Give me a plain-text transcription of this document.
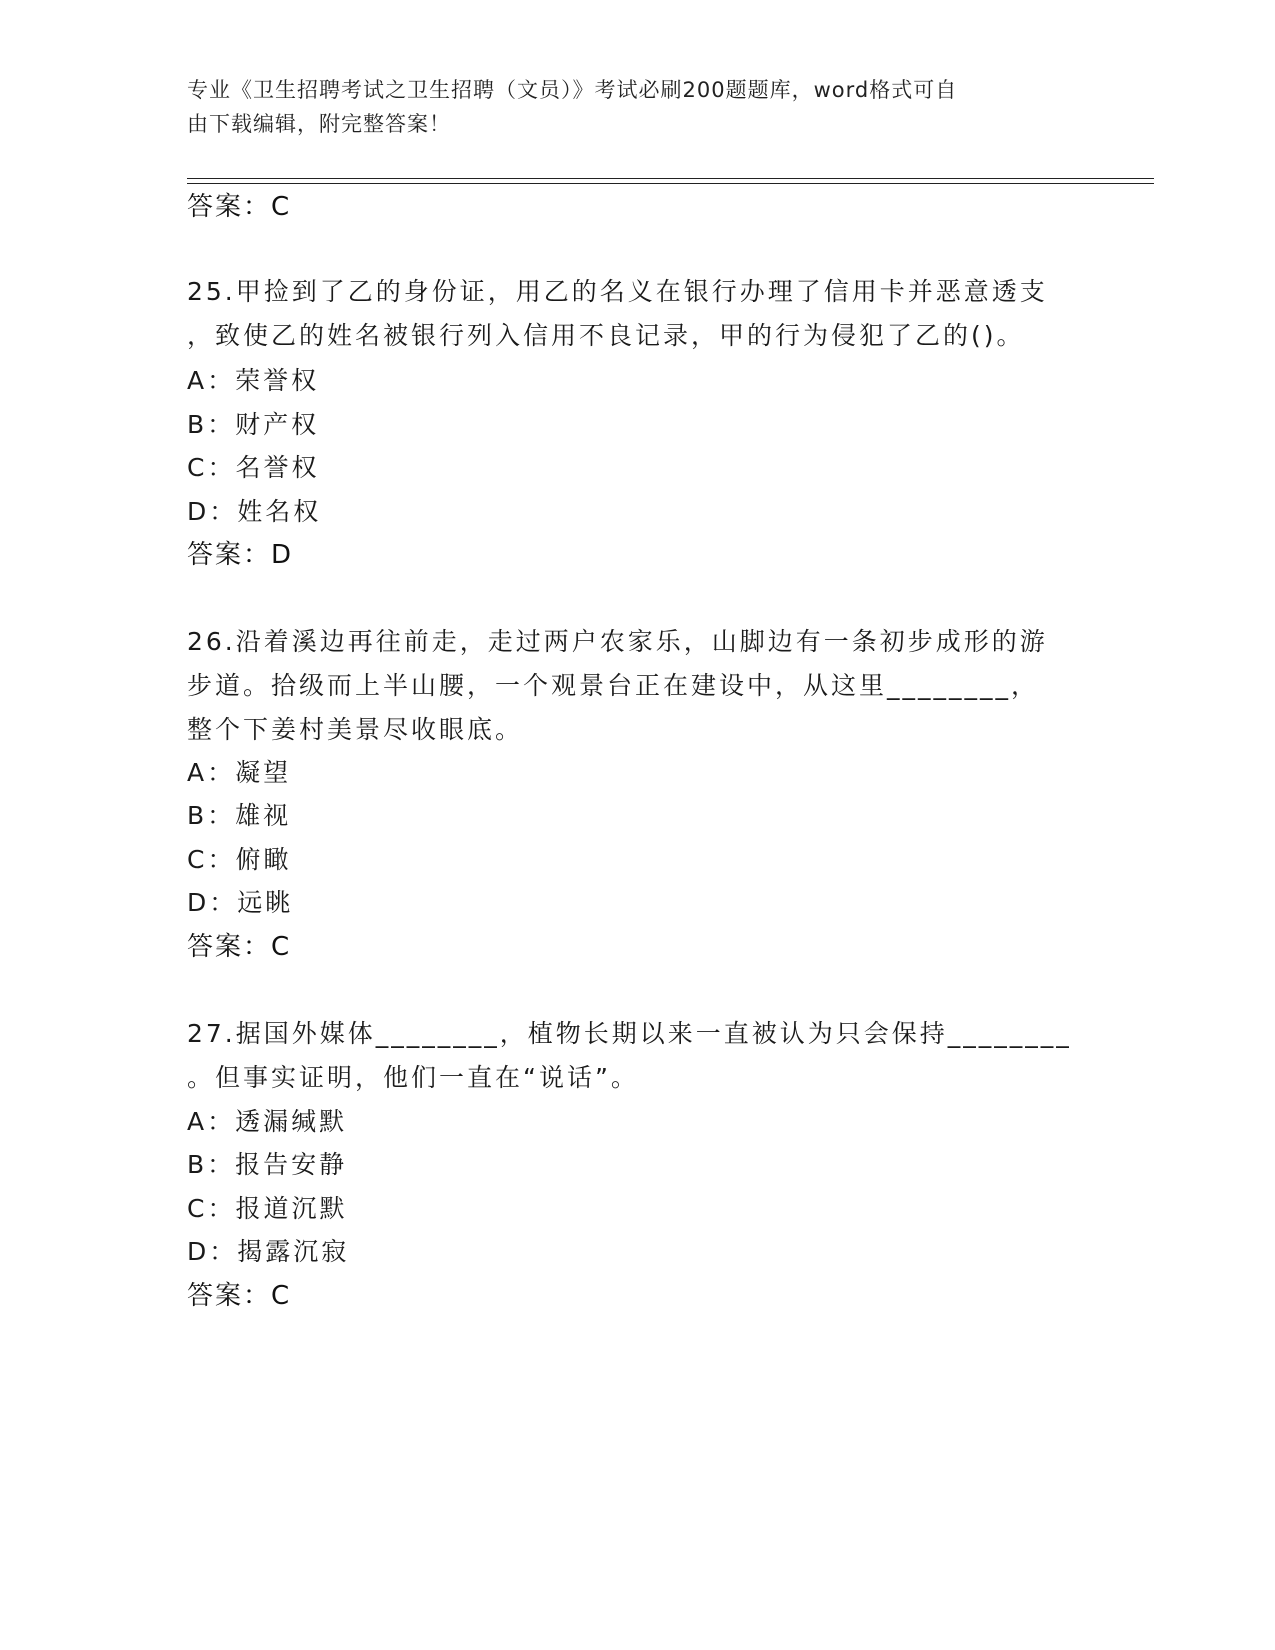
专业《卫生招聘考试之卫生招聘（文员）》考试必刷200题题库，word格式可自
由下载编辑，附完整答案！
答案：C
25.甲捡到了乙的身份证，用乙的名义在银行办理了信用卡并恶意透支
，致使乙的姓名被银行列入信用不良记录，甲的行为侵犯了乙的()。
A：荣誉权
B：财产权
C：名誉权
D：姓名权
答案：D
26.沿着溪边再往前走，走过两户农家乐，山脚边有一条初步成形的游
步道。拾级而上半山腰，一个观景台正在建设中，从这里________，
整个下姜村美景尽收眼底。
A：凝望
B：雄视
C：俯瞰
D：远眺
答案：C
27.据国外媒体________，植物长期以来一直被认为只会保持________
。但事实证明，他们一直在“说话”。
A：透漏缄默
B：报告安静
C：报道沉默
D：揭露沉寂
答案：C
